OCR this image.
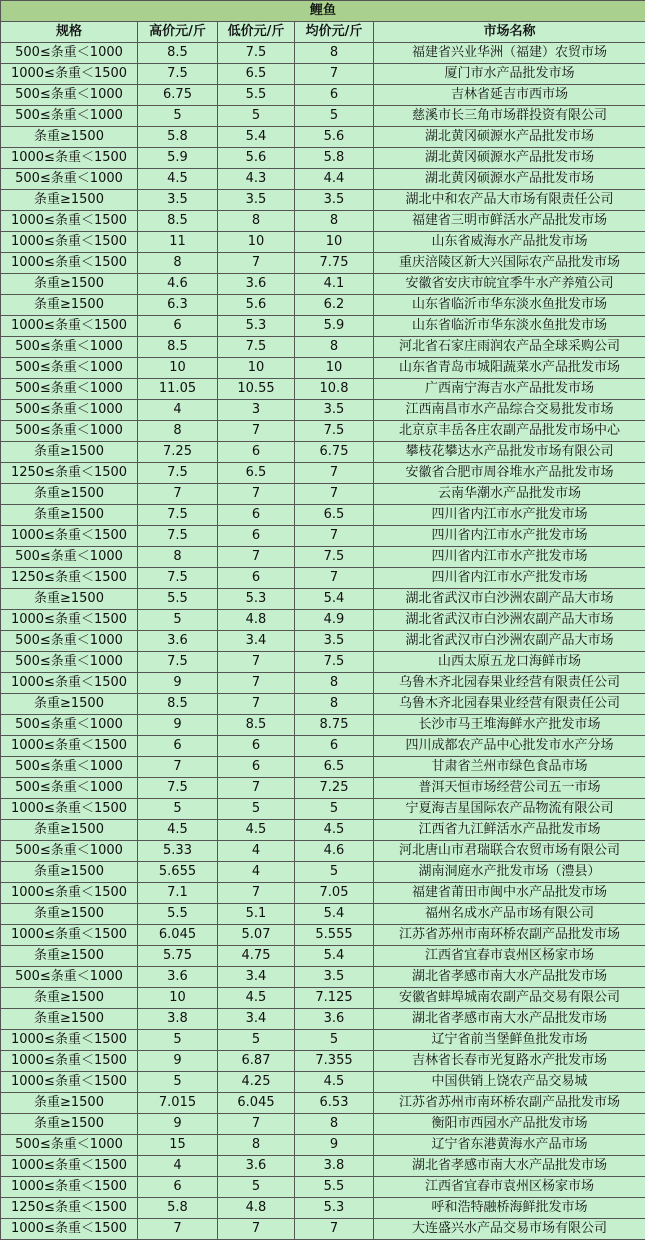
鲤鱼				
规格	高价元/斤	低价元/斤	均价元/斤	市场名称
500≤条重＜1000	8.5	7.5	8	福建省兴业华洲（福建）农贸市场
1000≤条重＜1500	7.5	6.5	7	厦门市水产品批发市场
500≤条重＜1000	6.75	5.5	6	吉林省延吉市西市场
500≤条重＜1000	5	5	5	慈溪市长三角市场群投资有限公司
条重≥1500	5.8	5.4	5.6	湖北黄冈硕源水产品批发市场
1000≤条重＜1500	5.9	5.6	5.8	湖北黄冈硕源水产品批发市场
500≤条重＜1000	4.5	4.3	4.4	湖北黄冈硕源水产品批发市场
条重≥1500	3.5	3.5	3.5	湖北中和农产品大市场有限责任公司
1000≤条重＜1500	8.5	8	8	福建省三明市鲜活水产品批发市场
1000≤条重＜1500	11	10	10	山东省威海水产品批发市场
1000≤条重＜1500	8	7	7.75	重庆涪陵区新大兴国际农产品批发市场
条重≥1500	4.6	3.6	4.1	安徽省安庆市皖宜季牛水产养殖公司
条重≥1500	6.3	5.6	6.2	山东省临沂市华东淡水鱼批发市场
1000≤条重＜1500	6	5.3	5.9	山东省临沂市华东淡水鱼批发市场
500≤条重＜1000	8.5	7.5	8	河北省石家庄雨润农产品全球采购公司
500≤条重＜1000	10	10	10	山东省青岛市城阳蔬菜水产品批发市场
500≤条重＜1000	11.05	10.55	10.8	广西南宁海吉水产品批发市场
500≤条重＜1000	4	3	3.5	江西南昌市水产品综合交易批发市场
500≤条重＜1000	8	7	7.5	北京京丰岳各庄农副产品批发市场中心
条重≥1500	7.25	6	6.75	攀枝花攀达水产品批发市场有限公司
1250≤条重＜1500	7.5	6.5	7	安徽省合肥市周谷堆水产品批发市场
条重≥1500	7	7	7	云南华潮水产品批发市场
条重≥1500	7.5	6	6.5	四川省内江市水产批发市场
1000≤条重＜1500	7.5	6	7	四川省内江市水产批发市场
500≤条重＜1000	8	7	7.5	四川省内江市水产批发市场
1250≤条重＜1500	7.5	6	7	四川省内江市水产批发市场
条重≥1500	5.5	5.3	5.4	湖北省武汉市白沙洲农副产品大市场
1000≤条重＜1500	5	4.8	4.9	湖北省武汉市白沙洲农副产品大市场
500≤条重＜1000	3.6	3.4	3.5	湖北省武汉市白沙洲农副产品大市场
500≤条重＜1000	7.5	7	7.5	山西太原五龙口海鲜市场
1000≤条重＜1500	9	7	8	乌鲁木齐北园春果业经营有限责任公司
条重≥1500	8.5	7	8	乌鲁木齐北园春果业经营有限责任公司
500≤条重＜1000	9	8.5	8.75	长沙市马王堆海鲜水产批发市场
1000≤条重＜1500	6	6	6	四川成都农产品中心批发市水产分场
500≤条重＜1000	7	6	6.5	甘肃省兰州市绿色食品市场
500≤条重＜1000	7.5	7	7.25	普洱天恒市场经营公司五一市场
1000≤条重＜1500	5	5	5	宁夏海吉星国际农产品物流有限公司
条重≥1500	4.5	4.5	4.5	江西省九江鲜活水产品批发市场
500≤条重＜1000	5.33	4	4.6	河北唐山市君瑞联合农贸市场有限公司
条重≥1500	5.655	4	5	湖南洞庭水产批发市场（澧县）
1000≤条重＜1500	7.1	7	7.05	福建省莆田市闽中水产品批发市场
条重≥1500	5.5	5.1	5.4	福州名成水产品市场有限公司
1000≤条重＜1500	6.045	5.07	5.555	江苏省苏州市南环桥农副产品批发市场
条重≥1500	5.75	4.75	5.4	江西省宜春市袁州区杨家市场
500≤条重＜1000	3.6	3.4	3.5	湖北省孝感市南大水产品批发市场
条重≥1500	10	4.5	7.125	安徽省蚌埠城南农副产品交易有限公司
条重≥1500	3.8	3.4	3.6	湖北省孝感市南大水产品批发市场
1000≤条重＜1500	5	5	5	辽宁省前当堡鲜鱼批发市场
1000≤条重＜1500	9	6.87	7.355	吉林省长春市光复路水产批发市场
1000≤条重＜1500	5	4.25	4.5	中国供销上饶农产品交易城
条重≥1500	7.015	6.045	6.53	江苏省苏州市南环桥农副产品批发市场
条重≥1500	9	7	8	衡阳市西园水产品批发市场
500≤条重＜1000	15	8	9	辽宁省东港黄海水产品市场
1000≤条重＜1500	4	3.6	3.8	湖北省孝感市南大水产品批发市场
1000≤条重＜1500	6	5	5.5	江西省宜春市袁州区杨家市场
1250≤条重＜1500	5.8	4.8	5.3	呼和浩特融桥海鲜批发市场
1000≤条重＜1500	7	7	7	大连盛兴水产品交易市场有限公司
